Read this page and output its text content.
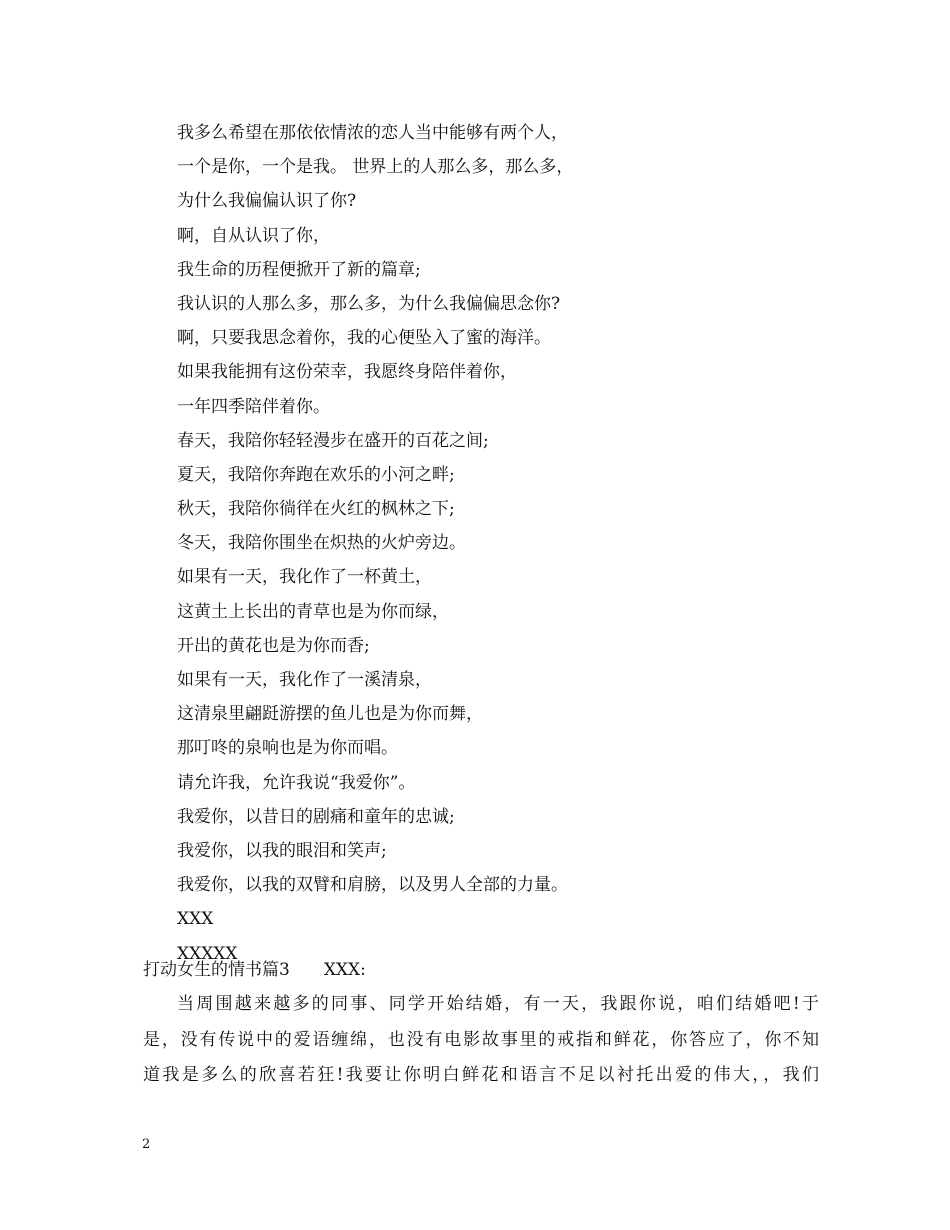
我多么希望在那依依情浓的恋人当中能够有两个人，
一个是你，一个是我。 世界上的人那么多，那么多，
为什么我偏偏认识了你?
啊，自从认识了你，
我生命的历程便掀开了新的篇章;
我认识的人那么多，那么多，为什么我偏偏思念你?
啊，只要我思念着你，我的心便坠入了蜜的海洋。
如果我能拥有这份荣幸，我愿终身陪伴着你，
一年四季陪伴着你。
春天，我陪你轻轻漫步在盛开的百花之间;
夏天，我陪你奔跑在欢乐的小河之畔;
秋天，我陪你徜徉在火红的枫林之下;
冬天，我陪你围坐在炽热的火炉旁边。
如果有一天，我化作了一杯黄土，
这黄土上长出的青草也是为你而绿，
开出的黄花也是为你而香;
如果有一天，我化作了一溪清泉，
这清泉里翩跹游摆的鱼儿也是为你而舞，
那叮咚的泉响也是为你而唱。
请允许我，允许我说“我爱你”。
我爱你，以昔日的剧痛和童年的忠诚;
我爱你，以我的眼泪和笑声;
我爱你，以我的双臂和肩膀，以及男人全部的力量。
XXX
XXXXX
打动女生的情书篇3 XXX:

当周围越来越多的同事、同学开始结婚，有一天，我跟你说，咱们结婚吧!于
是，没有传说中的爱语缠绵，也没有电影故事里的戒指和鲜花，你答应了，你不知
道我是多么的欣喜若狂!我要让你明白鲜花和语言不足以衬托出爱的伟大，，我们

2
